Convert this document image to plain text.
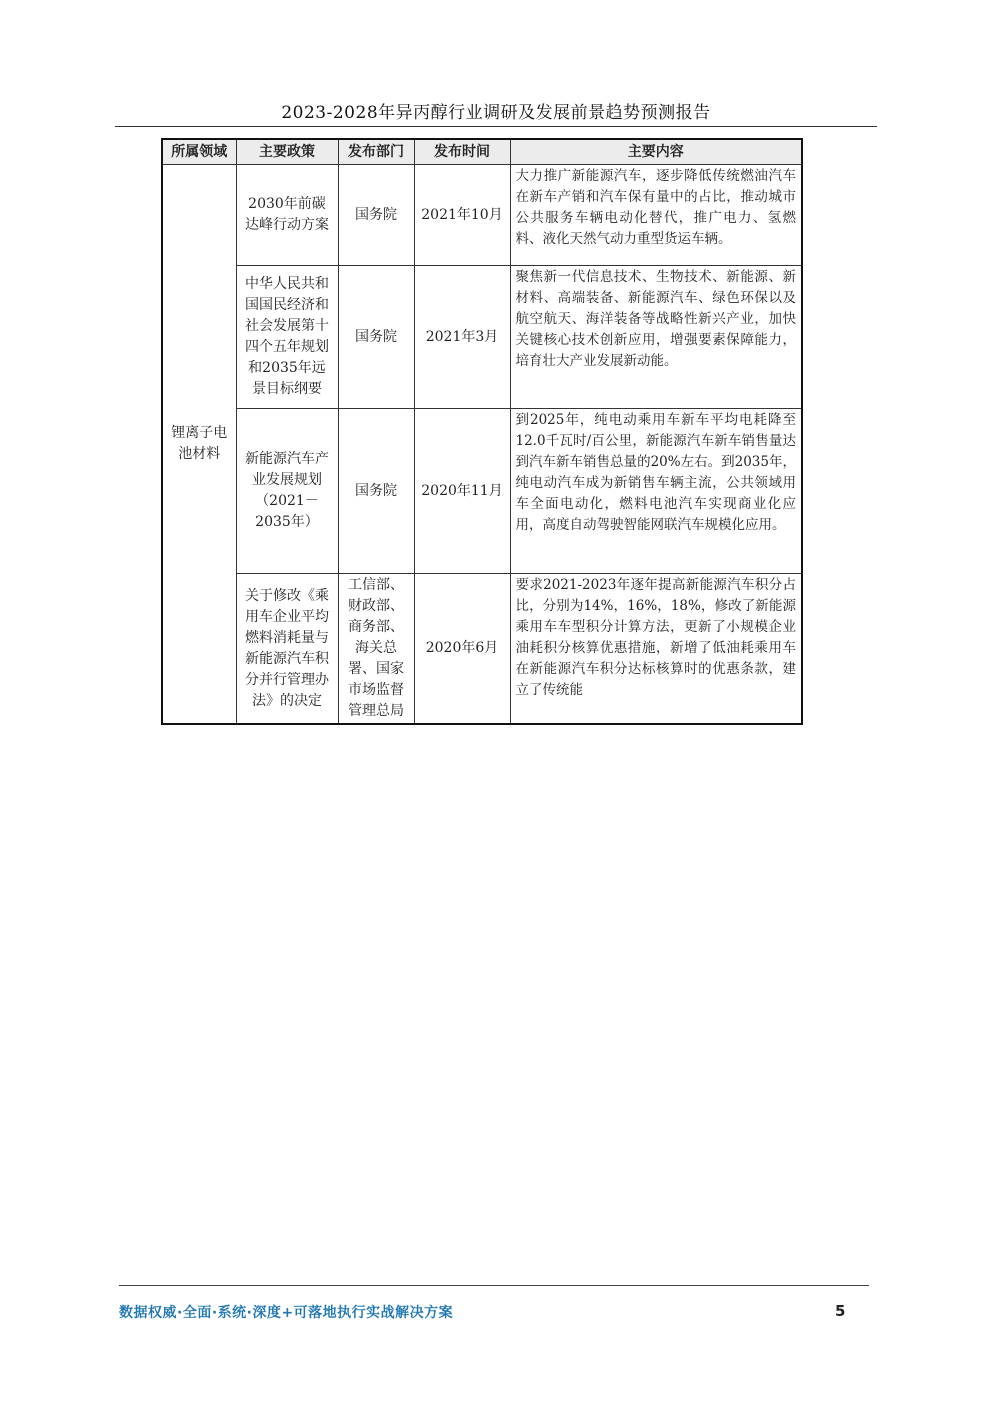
2023-2028年异丙醇行业调研及发展前景趋势预测报告
所属领域	主要政策	发布部门	发布时间	主要内容
锂离子电池材料	2030年前碳达峰行动方案	国务院	2021年10月	大力推广新能源汽车，逐步降低传统燃油汽车在新车产销和汽车保有量中的占比，推动城市公共服务车辆电动化替代，推广电力、氢燃料、液化天然气动力重型货运车辆。
	中华人民共和国国民经济和社会发展第十四个五年规划和2035年远景目标纲要	国务院	2021年3月	聚焦新一代信息技术、生物技术、新能源、新材料、高端装备、新能源汽车、绿色环保以及航空航天、海洋装备等战略性新兴产业，加快关键核心技术创新应用，增强要素保障能力，培育壮大产业发展新动能。
	新能源汽车产业发展规划（2021－2035年）	国务院	2020年11月	到2025年，纯电动乘用车新车平均电耗降至12.0千瓦时/百公里，新能源汽车新车销售量达到汽车新车销售总量的20%左右。到2035年，纯电动汽车成为新销售车辆主流，公共领域用车全面电动化，燃料电池汽车实现商业化应用，高度自动驾驶智能网联汽车规模化应用。
	关于修改《乘用车企业平均燃料消耗量与新能源汽车积分并行管理办法》的决定	工信部、财政部、商务部、海关总署、国家市场监督管理总局	2020年6月	要求2021-2023年逐年提高新能源汽车积分占比，分别为14%，16%，18%，修改了新能源乘用车车型积分计算方法，更新了小规模企业油耗积分核算优惠措施，新增了低油耗乘用车在新能源汽车积分达标核算时的优惠条款，建立了传统能
数据权威·全面·系统·深度+可落地执行实战解决方案	5
